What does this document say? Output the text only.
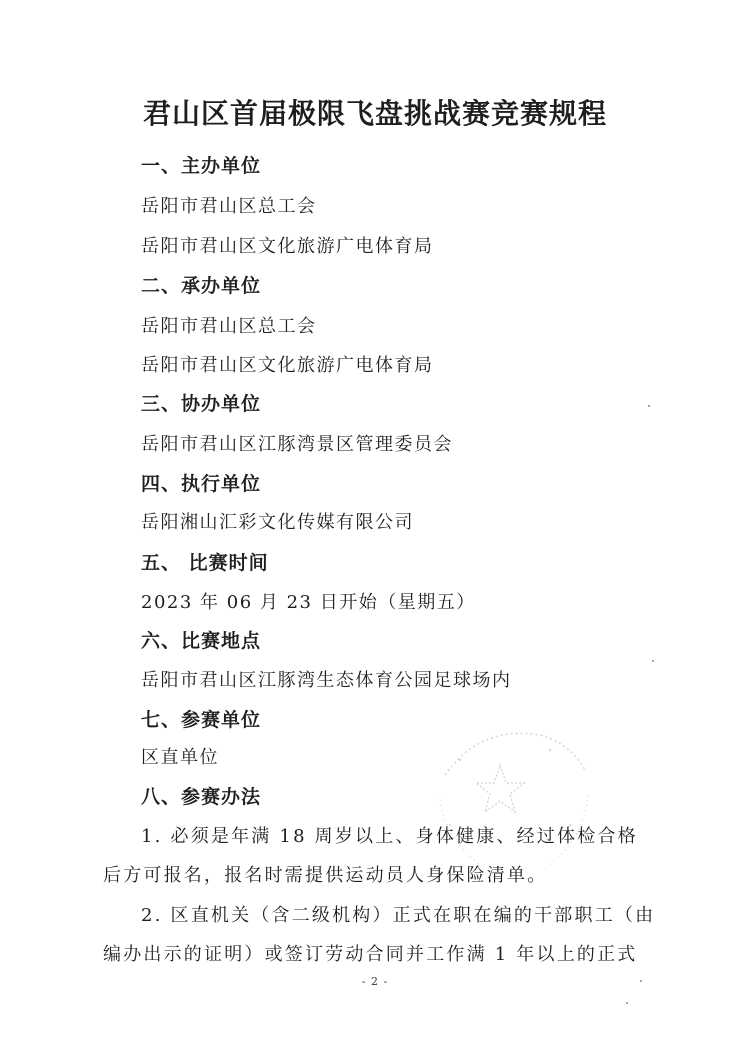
君山区首届极限飞盘挑战赛竞赛规程
一、主办单位
岳阳市君山区总工会
岳阳市君山区文化旅游广电体育局
二、承办单位
岳阳市君山区总工会
岳阳市君山区文化旅游广电体育局
三、协办单位
岳阳市君山区江豚湾景区管理委员会
四、执行单位
岳阳湘山汇彩文化传媒有限公司
五、 比赛时间
2023 年 06 月 23 日开始（星期五）
六、比赛地点
岳阳市君山区江豚湾生态体育公园足球场内
七、参赛单位
区直单位
八、参赛办法
1. 必须是年满 18 周岁以上、身体健康、经过体检合格
后方可报名，报名时需提供运动员人身保险清单。
2. 区直机关（含二级机构）正式在职在编的干部职工（由
编办出示的证明）或签订劳动合同并工作满 1 年以上的正式
- 2 -
